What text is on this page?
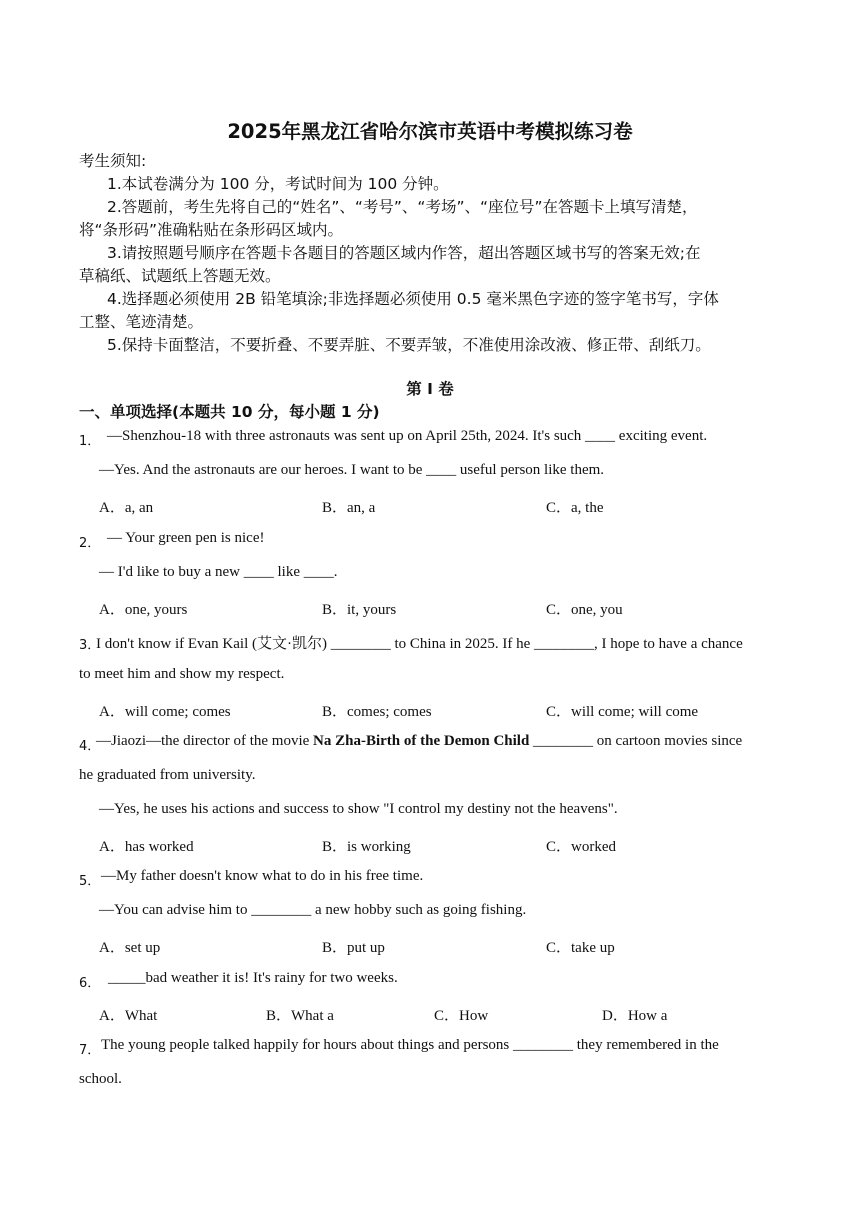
2025年黑龙江省哈尔滨市英语中考模拟练习卷
考生须知:
1.本试卷满分为 100 分，考试时间为 100 分钟。
2.答题前，考生先将自己的“姓名”、“考号”、“考场”、“座位号”在答题卡上填写清楚，
将“条形码”准确粘贴在条形码区域内。
3.请按照题号顺序在答题卡各题目的答题区域内作答，超出答题区域书写的答案无效;在
草稿纸、试题纸上答题无效。
4.选择题必须使用 2B 铅笔填涂;非选择题必须使用 0.5 毫米黑色字迹的签字笔书写，字体
工整、笔迹清楚。
5.保持卡面整洁，不要折叠、不要弄脏、不要弄皱，不准使用涂改液、修正带、刮纸刀。
第 I 卷
一、单项选择(本题共 10 分，每小题 1 分)
1． —Shenzhou-18 with three astronauts was sent up on April 25th, 2024. It's such ____ exciting event.
—Yes. And the astronauts are our heroes. I want to be ____ useful person like them.
A．a, an	B．an, a	C．a, the
2． — Your green pen is nice!
— I'd like to buy a new ____ like ____.
A．one, yours	B．it, yours	C．one, you
3．
I don't know if Evan Kail (艾文·凯尔) ________ to China in 2025. If he ________, I hope to have a chance
to meet him and show my respect.
A．will come; comes	B．comes; comes	C．will come; will come
4．
—Jiaozi—the director of the movie Na Zha-Birth of the Demon Child ________ on cartoon movies since
he graduated from university.
—Yes, he uses his actions and success to show "I control my destiny not the heavens".
A．has worked	B．is working	C．worked
5． —My father doesn't know what to do in his free time.
—You can advise him to ________ a new hobby such as going fishing.
A．set up	B．put up	C．take up
6． _____bad weather it is! It's rainy for two weeks.
A．What	B．What a	C．How	D．How a
7． The young people talked happily for hours about things and persons ________ they remembered in the
school.
